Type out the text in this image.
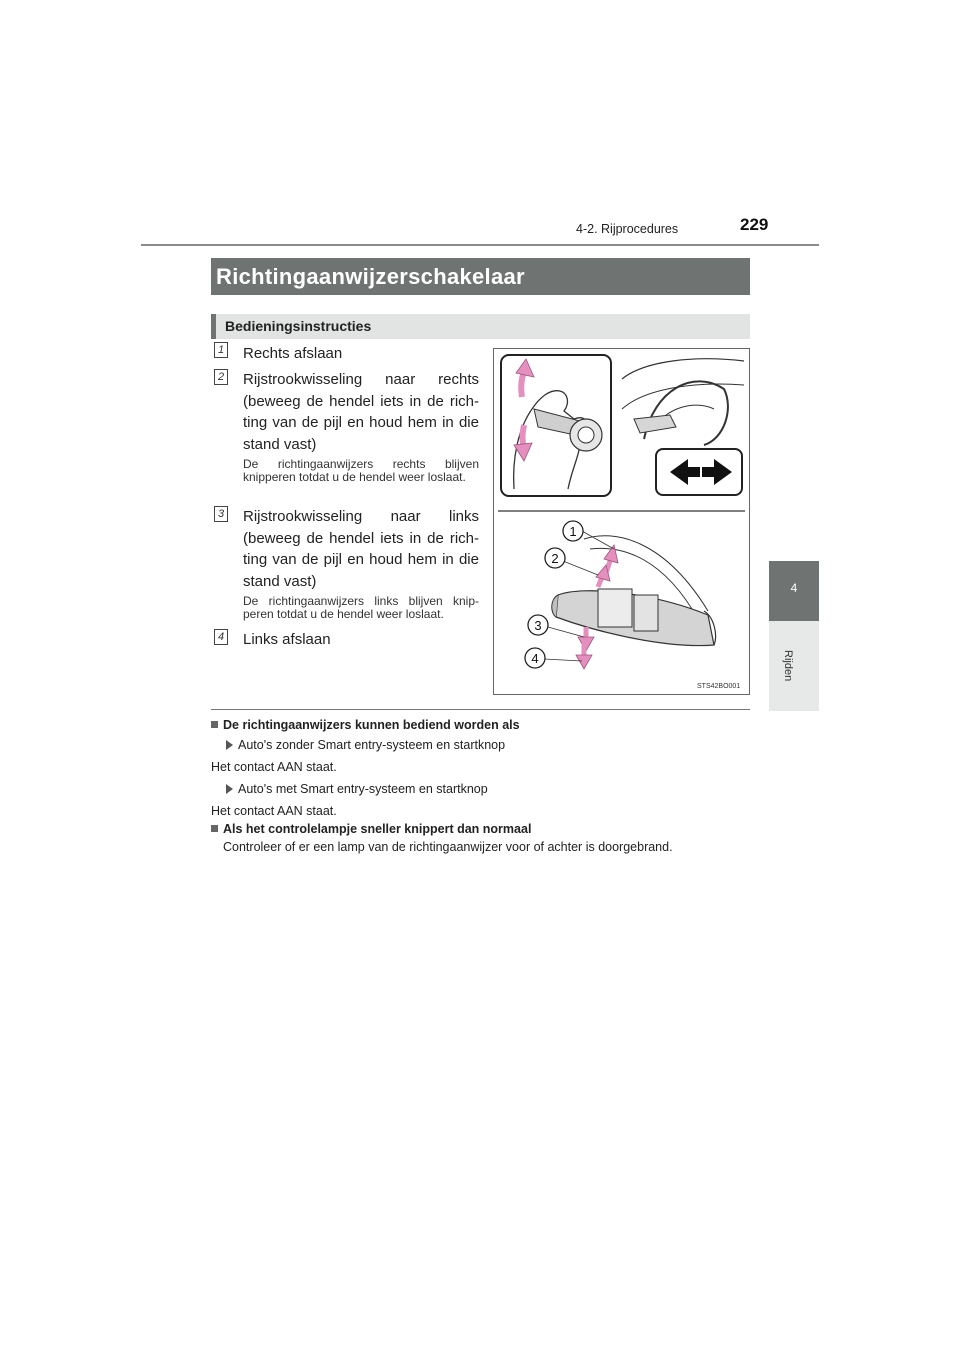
4-2. Rijprocedures	229
4
Rijden
Richtingaanwijzerschakelaar
Bedieningsinstructies
1 Rechts afslaan
2 Rijstrookwisseling naar rechts (beweeg de hendel iets in de rich-ting van de pijl en houd hem in die stand vast)
De richtingaanwijzers rechts blijven knipperen totdat u de hendel weer loslaat.
3 Rijstrookwisseling naar links (beweeg de hendel iets in de rich-ting van de pijl en houd hem in die stand vast)
De richtingaanwijzers links blijven knip-peren totdat u de hendel weer loslaat.
4 Links afslaan
1
2
3
4
STS42BO001
De richtingaanwijzers kunnen bediend worden als
Auto's zonder Smart entry-systeem en startknop
Het contact AAN staat.
Auto's met Smart entry-systeem en startknop
Het contact AAN staat.
Als het controlelampje sneller knippert dan normaal
Controleer of er een lamp van de richtingaanwijzer voor of achter is doorgebrand.
